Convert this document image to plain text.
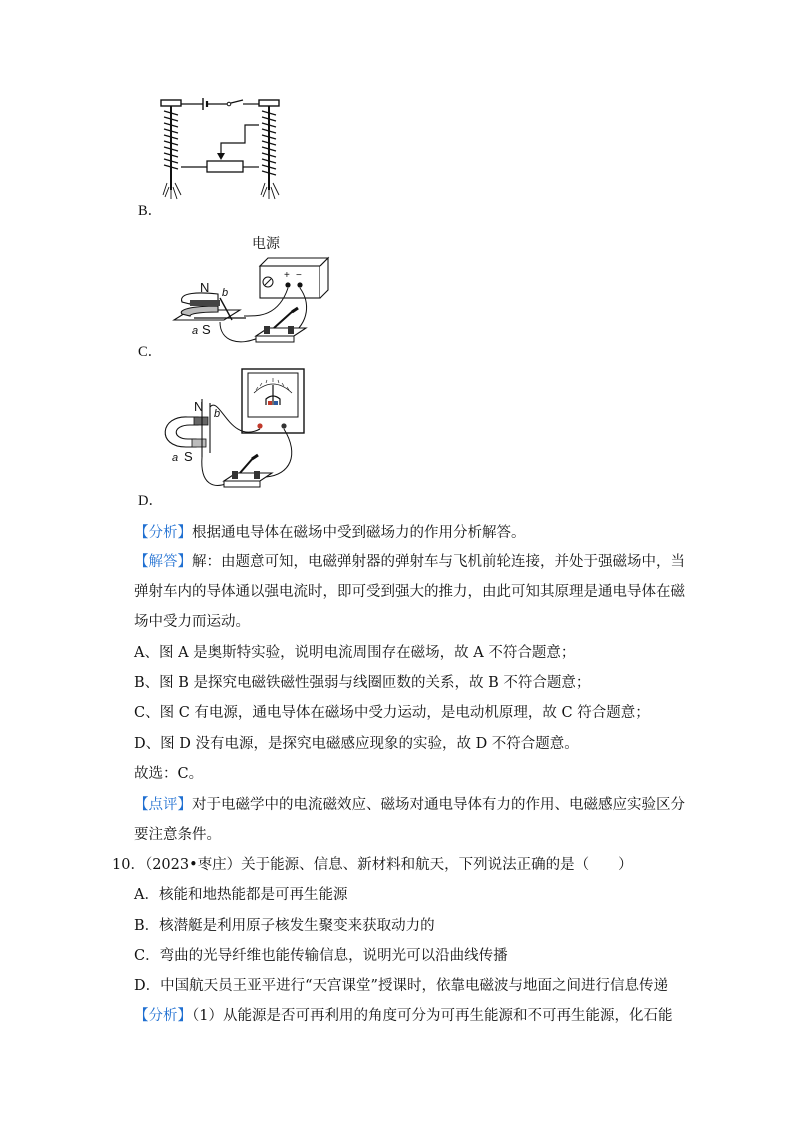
B．
电源
+ −
N b
a S
C．
N b
a S
D．
【分析】根据通电导体在磁场中受到磁场力的作用分析解答。
【解答】解：由题意可知，电磁弹射器的弹射车与飞机前轮连接，并处于强磁场中，当
弹射车内的导体通以强电流时，即可受到强大的推力，由此可知其原理是通电导体在磁
场中受力而运动。
A、图 A 是奥斯特实验，说明电流周围存在磁场，故 A 不符合题意；
B、图 B 是探究电磁铁磁性强弱与线圈匝数的关系，故 B 不符合题意；
C、图 C 有电源，通电导体在磁场中受力运动，是电动机原理，故 C 符合题意；
D、图 D 没有电源，是探究电磁感应现象的实验，故 D 不符合题意。
故选：C。
【点评】对于电磁学中的电流磁效应、磁场对通电导体有力的作用、电磁感应实验区分
要注意条件。
10．（2023•枣庄）关于能源、信息、新材料和航天，下列说法正确的是（　　）
A．核能和地热能都是可再生能源
B．核潜艇是利用原子核发生聚变来获取动力的
C．弯曲的光导纤维也能传输信息，说明光可以沿曲线传播
D．中国航天员王亚平进行“天宫课堂”授课时，依靠电磁波与地面之间进行信息传递
【分析】（1）从能源是否可再利用的角度可分为可再生能源和不可再生能源，化石能
